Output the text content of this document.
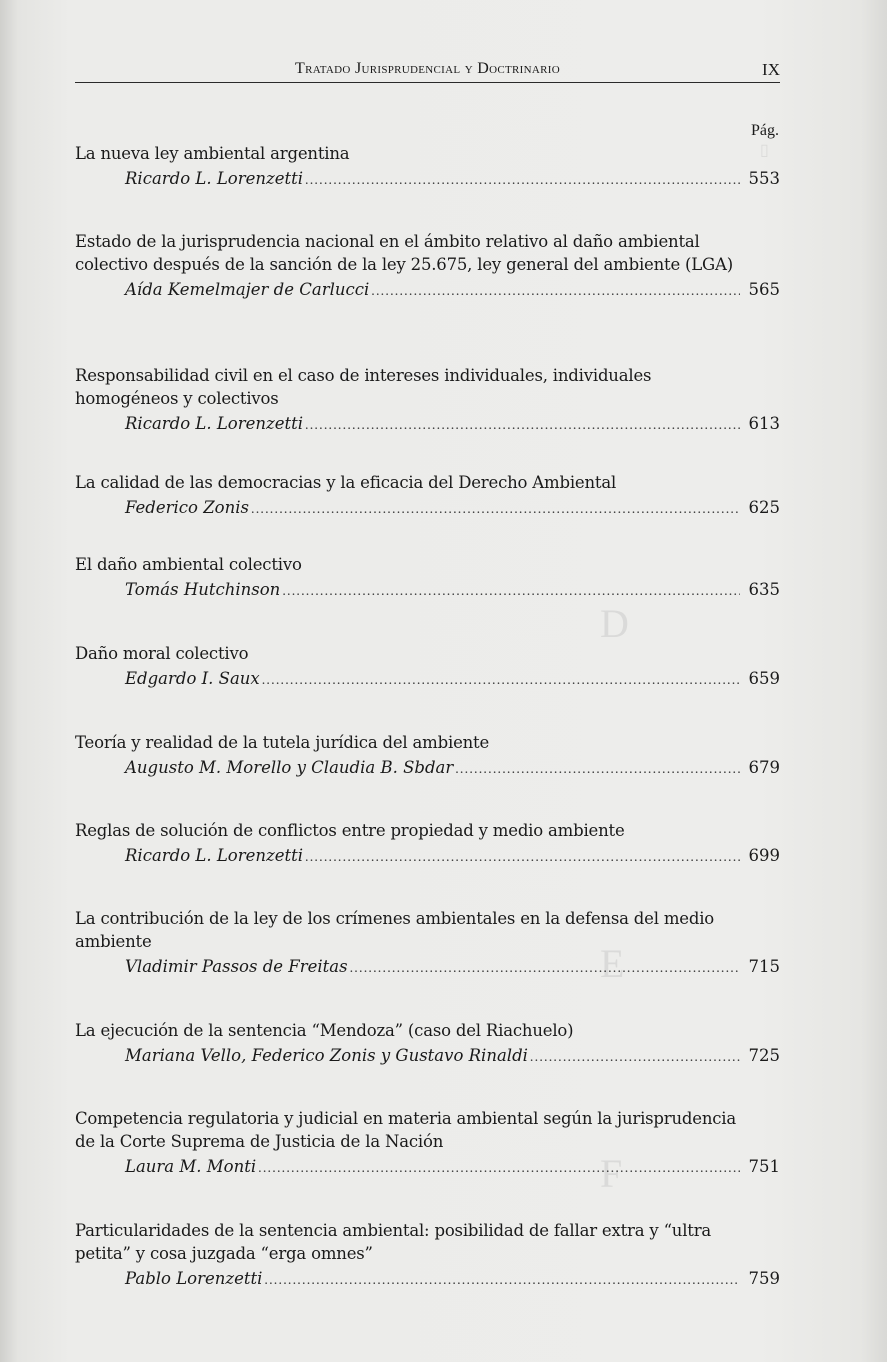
▯
D
E
F
Tratado Jurisprudencial y Doctrinario	IX
Pág.
La nueva ley ambiental argentina
Ricardo L. Lorenzetti .....	553
Estado de la jurisprudencia nacional en el ámbito relativo al daño ambiental colectivo después de la sanción de la ley 25.675, ley general del ambiente (LGA)
Aída Kemelmajer de Carlucci .....	565
Responsabilidad civil en el caso de intereses individuales, individuales homogéneos y colectivos
Ricardo L. Lorenzetti .....	613
La calidad de las democracias y la eficacia del Derecho Ambiental
Federico Zonis .....	625
El daño ambiental colectivo
Tomás Hutchinson .....	635
Daño moral colectivo
Edgardo I. Saux .....	659
Teoría y realidad de la tutela jurídica del ambiente
Augusto M. Morello y Claudia B. Sbdar .....	679
Reglas de solución de conflictos entre propiedad y medio ambiente
Ricardo L. Lorenzetti .....	699
La contribución de la ley de los crímenes ambientales en la defensa del medio ambiente
Vladimir Passos de Freitas .....	715
La ejecución de la sentencia “Mendoza” (caso del Riachuelo)
Mariana Vello, Federico Zonis y Gustavo Rinaldi .....	725
Competencia regulatoria y judicial en materia ambiental según la jurisprudencia de la Corte Suprema de Justicia de la Nación
Laura M. Monti .....	751
Particularidades de la sentencia ambiental: posibilidad de fallar extra y “ultra petita” y cosa juzgada “erga omnes”
Pablo Lorenzetti .....	759
